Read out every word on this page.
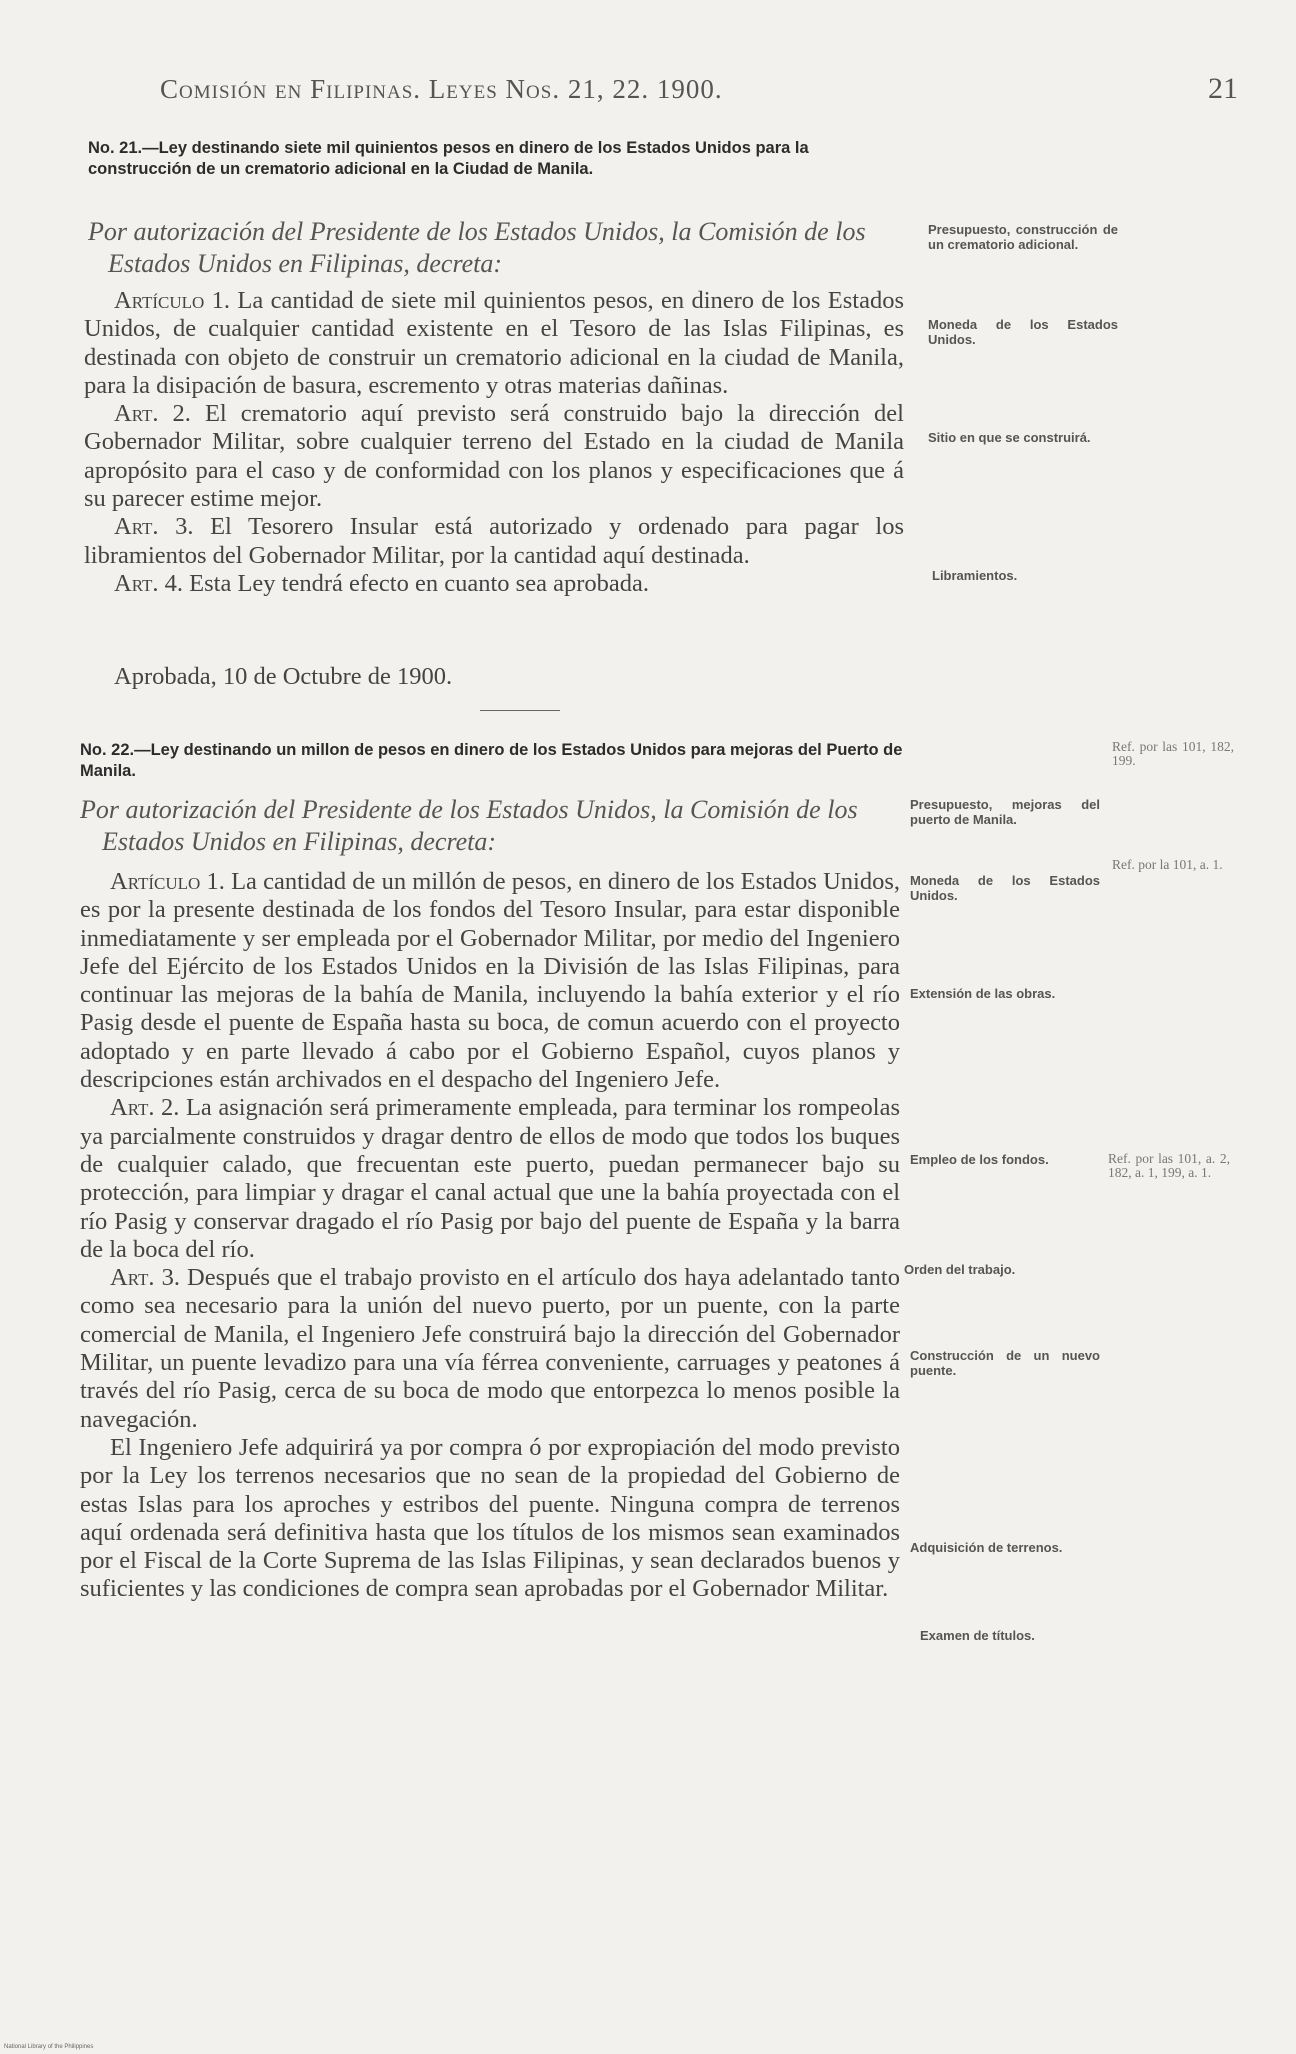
Comisión en Filipinas. Leyes Nos. 21, 22. 1900.	21
No. 21.—Ley destinando siete mil quinientos pesos en dinero de los Estados Unidos para la construcción de un crematorio adicional en la Ciudad de Manila.
Por autorización del Presidente de los Estados Unidos, la Comisión de los Estados Unidos en Filipinas, decreta:

Artículo 1. La cantidad de siete mil quinientos pesos, en dinero de los Estados Unidos, de cualquier cantidad existente en el Tesoro de las Islas Filipinas, es destinada con objeto de construir un crematorio adicional en la ciudad de Manila, para la disipación de basura, escremento y otras materias dañinas.

Art. 2. El crematorio aquí previsto será construido bajo la dirección del Gobernador Militar, sobre cualquier terreno del Estado en la ciudad de Manila apropósito para el caso y de conformidad con los planos y especificaciones que á su parecer estime mejor.

Art. 3. El Tesorero Insular está autorizado y ordenado para pagar los libramientos del Gobernador Militar, por la cantidad aquí destinada.

Art. 4. Esta Ley tendrá efecto en cuanto sea aprobada.

Aprobada, 10 de Octubre de 1900.
Presupuesto, construcción de un crematorio adicional.
Moneda de los Estados Unidos.
Sitio en que se construirá.
Libramientos.
No. 22.—Ley destinando un millon de pesos en dinero de los Estados Unidos para mejoras del Puerto de Manila.
Por autorización del Presidente de los Estados Unidos, la Comisión de los Estados Unidos en Filipinas, decreta:

Artículo 1. La cantidad de un millón de pesos, en dinero de los Estados Unidos, es por la presente destinada de los fondos del Tesoro Insular, para estar disponible inmediatamente y ser empleada por el Gobernador Militar, por medio del Ingeniero Jefe del Ejército de los Estados Unidos en la División de las Islas Filipinas, para continuar las mejoras de la bahía de Manila, incluyendo la bahía exterior y el río Pasig desde el puente de España hasta su boca, de comun acuerdo con el proyecto adoptado y en parte llevado á cabo por el Gobierno Español, cuyos planos y descripciones están archivados en el despacho del Ingeniero Jefe.

Art. 2. La asignación será primeramente empleada, para terminar los rompeolas ya parcialmente construidos y dragar dentro de ellos de modo que todos los buques de cualquier calado, que frecuentan este puerto, puedan permanecer bajo su protección, para limpiar y dragar el canal actual que une la bahía proyectada con el río Pasig y conservar dragado el río Pasig por bajo del puente de España y la barra de la boca del río.

Art. 3. Después que el trabajo provisto en el artículo dos haya adelantado tanto como sea necesario para la unión del nuevo puerto, por un puente, con la parte comercial de Manila, el Ingeniero Jefe construirá bajo la dirección del Gobernador Militar, un puente levadizo para una vía férrea conveniente, carruages y peatones á través del río Pasig, cerca de su boca de modo que entorpezca lo menos posible la navegación.

El Ingeniero Jefe adquirirá ya por compra ó por expropiación del modo previsto por la Ley los terrenos necesarios que no sean de la propiedad del Gobierno de estas Islas para los aproches y estribos del puente. Ninguna compra de terrenos aquí ordenada será definitiva hasta que los títulos de los mismos sean examinados por el Fiscal de la Corte Suprema de las Islas Filipinas, y sean declarados buenos y suficientes y las condiciones de compra sean aprobadas por el Gobernador Militar.

Presupuesto, mejoras del puerto de Manila.
Moneda de los Estados Unidos.
Extensión de las obras.
Empleo de los fondos.
Orden del trabajo.
Construcción de un nuevo puente.
Adquisición de terrenos.
Examen de títulos.
Ref. por las 101, 182, 199.
Ref. por la 101, a. 1.
Ref. por las 101, a. 2, 182, a. 1, 199, a. 1.
National Library of the Philippines
